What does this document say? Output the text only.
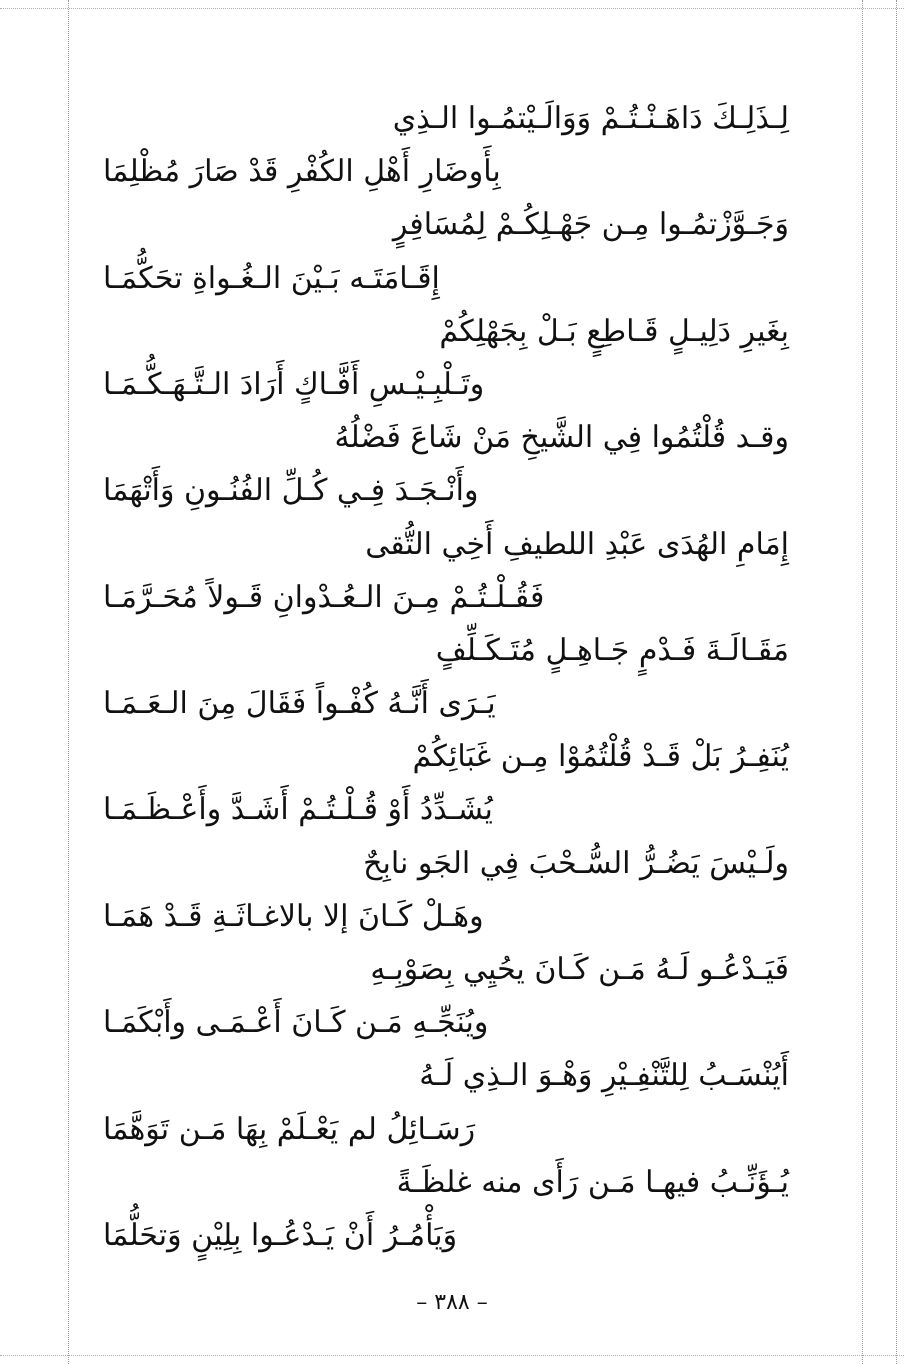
لِـذَلِـكَ دَاهَـنْـتُـمْ وَوَالَـيْتمُـوا الـذِي
بِأَوضَارِ أَهْلِ الكُفْرِ قَدْ صَارَ مُظْلِمَا
وَجَـوَّزْتمُـوا مِـن جَهْـلِكُـمْ لِمُسَافِرٍ
إِقَـامَتَـه بَـيْنَ الـغُـواةِ تحَكُّمَـا
بِغَيرِ دَلِيـلٍ قَـاطِعٍ بَـلْ بِجَهْلِكُمْ
وتَـلْبِـيْـسِ أَفَّـاكٍ أَرَادَ الـتَّـهَـكُّـمَـا
وقـد قُلْتُمُوا فِي الشَّيخِ مَنْ شَاعَ فَضْلُهُ
وأَنْـجَـدَ فِـي كُـلِّ الفُنُـونِ وَأَتْهَمَا
إِمَامِ الهُدَى عَبْدِ اللطيفِ أَخِي التُّقى
فَقُـلْـتُـمْ مِـنَ الـعُـدْوانِ قَـولاً مُحَـرَّمَـا
مَقَـالَـةَ فَـدْمٍ جَـاهِـلٍ مُتَـكَـلِّفٍ
يَـرَى أَنَّـهُ كُفْـواً فَقَالَ مِنَ الـعَـمَـا
يُنَفِـرُ بَلْ قَـدْ قُلْتُمُوْا مِـن غَبَائِكُمْ
يُشَـدِّدُ أَوْ قُـلْـتُـمْ أَشَـدَّ وأَعْـظَـمَـا
ولَـيْسَ يَضُـرُّ السُّـحْبَ فِي الجَو نابِحٌ
وهَـلْ كَـانَ إلا بالاغـاثَـةِ قَـدْ هَمَـا
فَيَـدْعُـو لَـهُ مَـن كَـانَ يحُيِي بِصَوْبِـهِ
ويُنَجِّـهِ مَـن كَـانَ أَعْـمَـى وأَبْكَمَـا
أَيُنْسَـبُ لِلتَّنْفِـيْرِ وَهْـوَ الـذِي لَـهُ
رَسَـائِلُ لم يَعْـلَمْ بِهَا مَـن تَوَهَّمَا
يُـؤَنِّـبُ فيهـا مَـن رَأَى منه غلظَـةً
وَيَأْمُـرُ أَنْ يَـدْعُـوا بِلِيْنٍ وَتحَلُّمَا
– ٣٨٨ –
